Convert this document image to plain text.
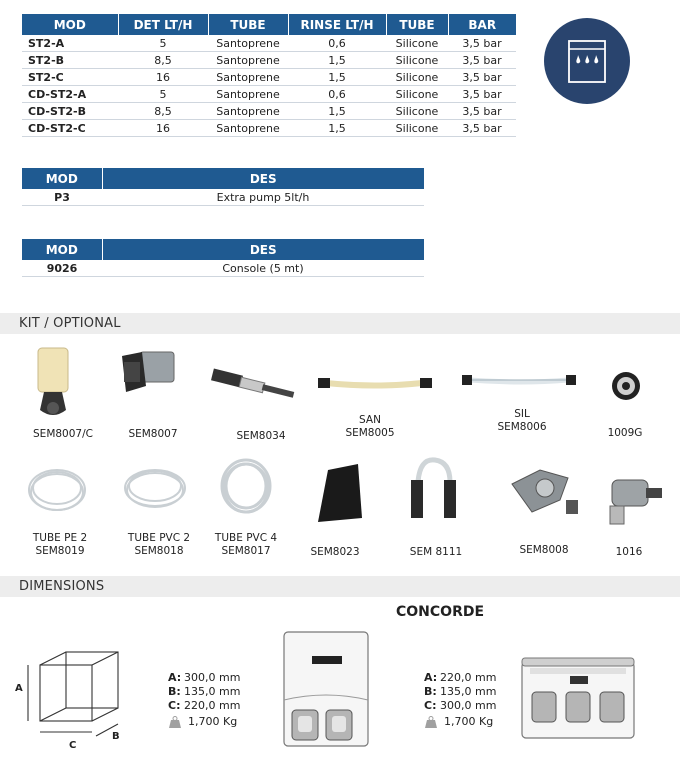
MOD	DET LT/H	TUBE	RINSE LT/H	TUBE	BAR
ST2-A	5	Santoprene	0,6	Silicone	3,5 bar
ST2-B	8,5	Santoprene	1,5	Silicone	3,5 bar
ST2-C	16	Santoprene	1,5	Silicone	3,5 bar
CD-ST2-A	5	Santoprene	0,6	Silicone	3,5 bar
CD-ST2-B	8,5	Santoprene	1,5	Silicone	3,5 bar
CD-ST2-C	16	Santoprene	1,5	Silicone	3,5 bar
MOD	DES
P3	Extra pump 5lt/h
MOD	DES
9026	Console (5 mt)
KIT / OPTIONAL
SEM8007/C	SEM8007	SEM8034
SAN
SEM8005
SIL
SEM8006	1009G
TUBE PE 2
SEM8019
TUBE PVC 2
SEM8018
TUBE PVC 4
SEM8017	SEM8023	SEM 8111	SEM8008	1016
DIMENSIONS
A
C
B
A: 300,0 mm
B: 135,0 mm
C: 220,0 mm
1,700 Kg
CONCORDE
A: 220,0 mm
B: 135,0 mm
C: 300,0 mm
1,700 Kg
